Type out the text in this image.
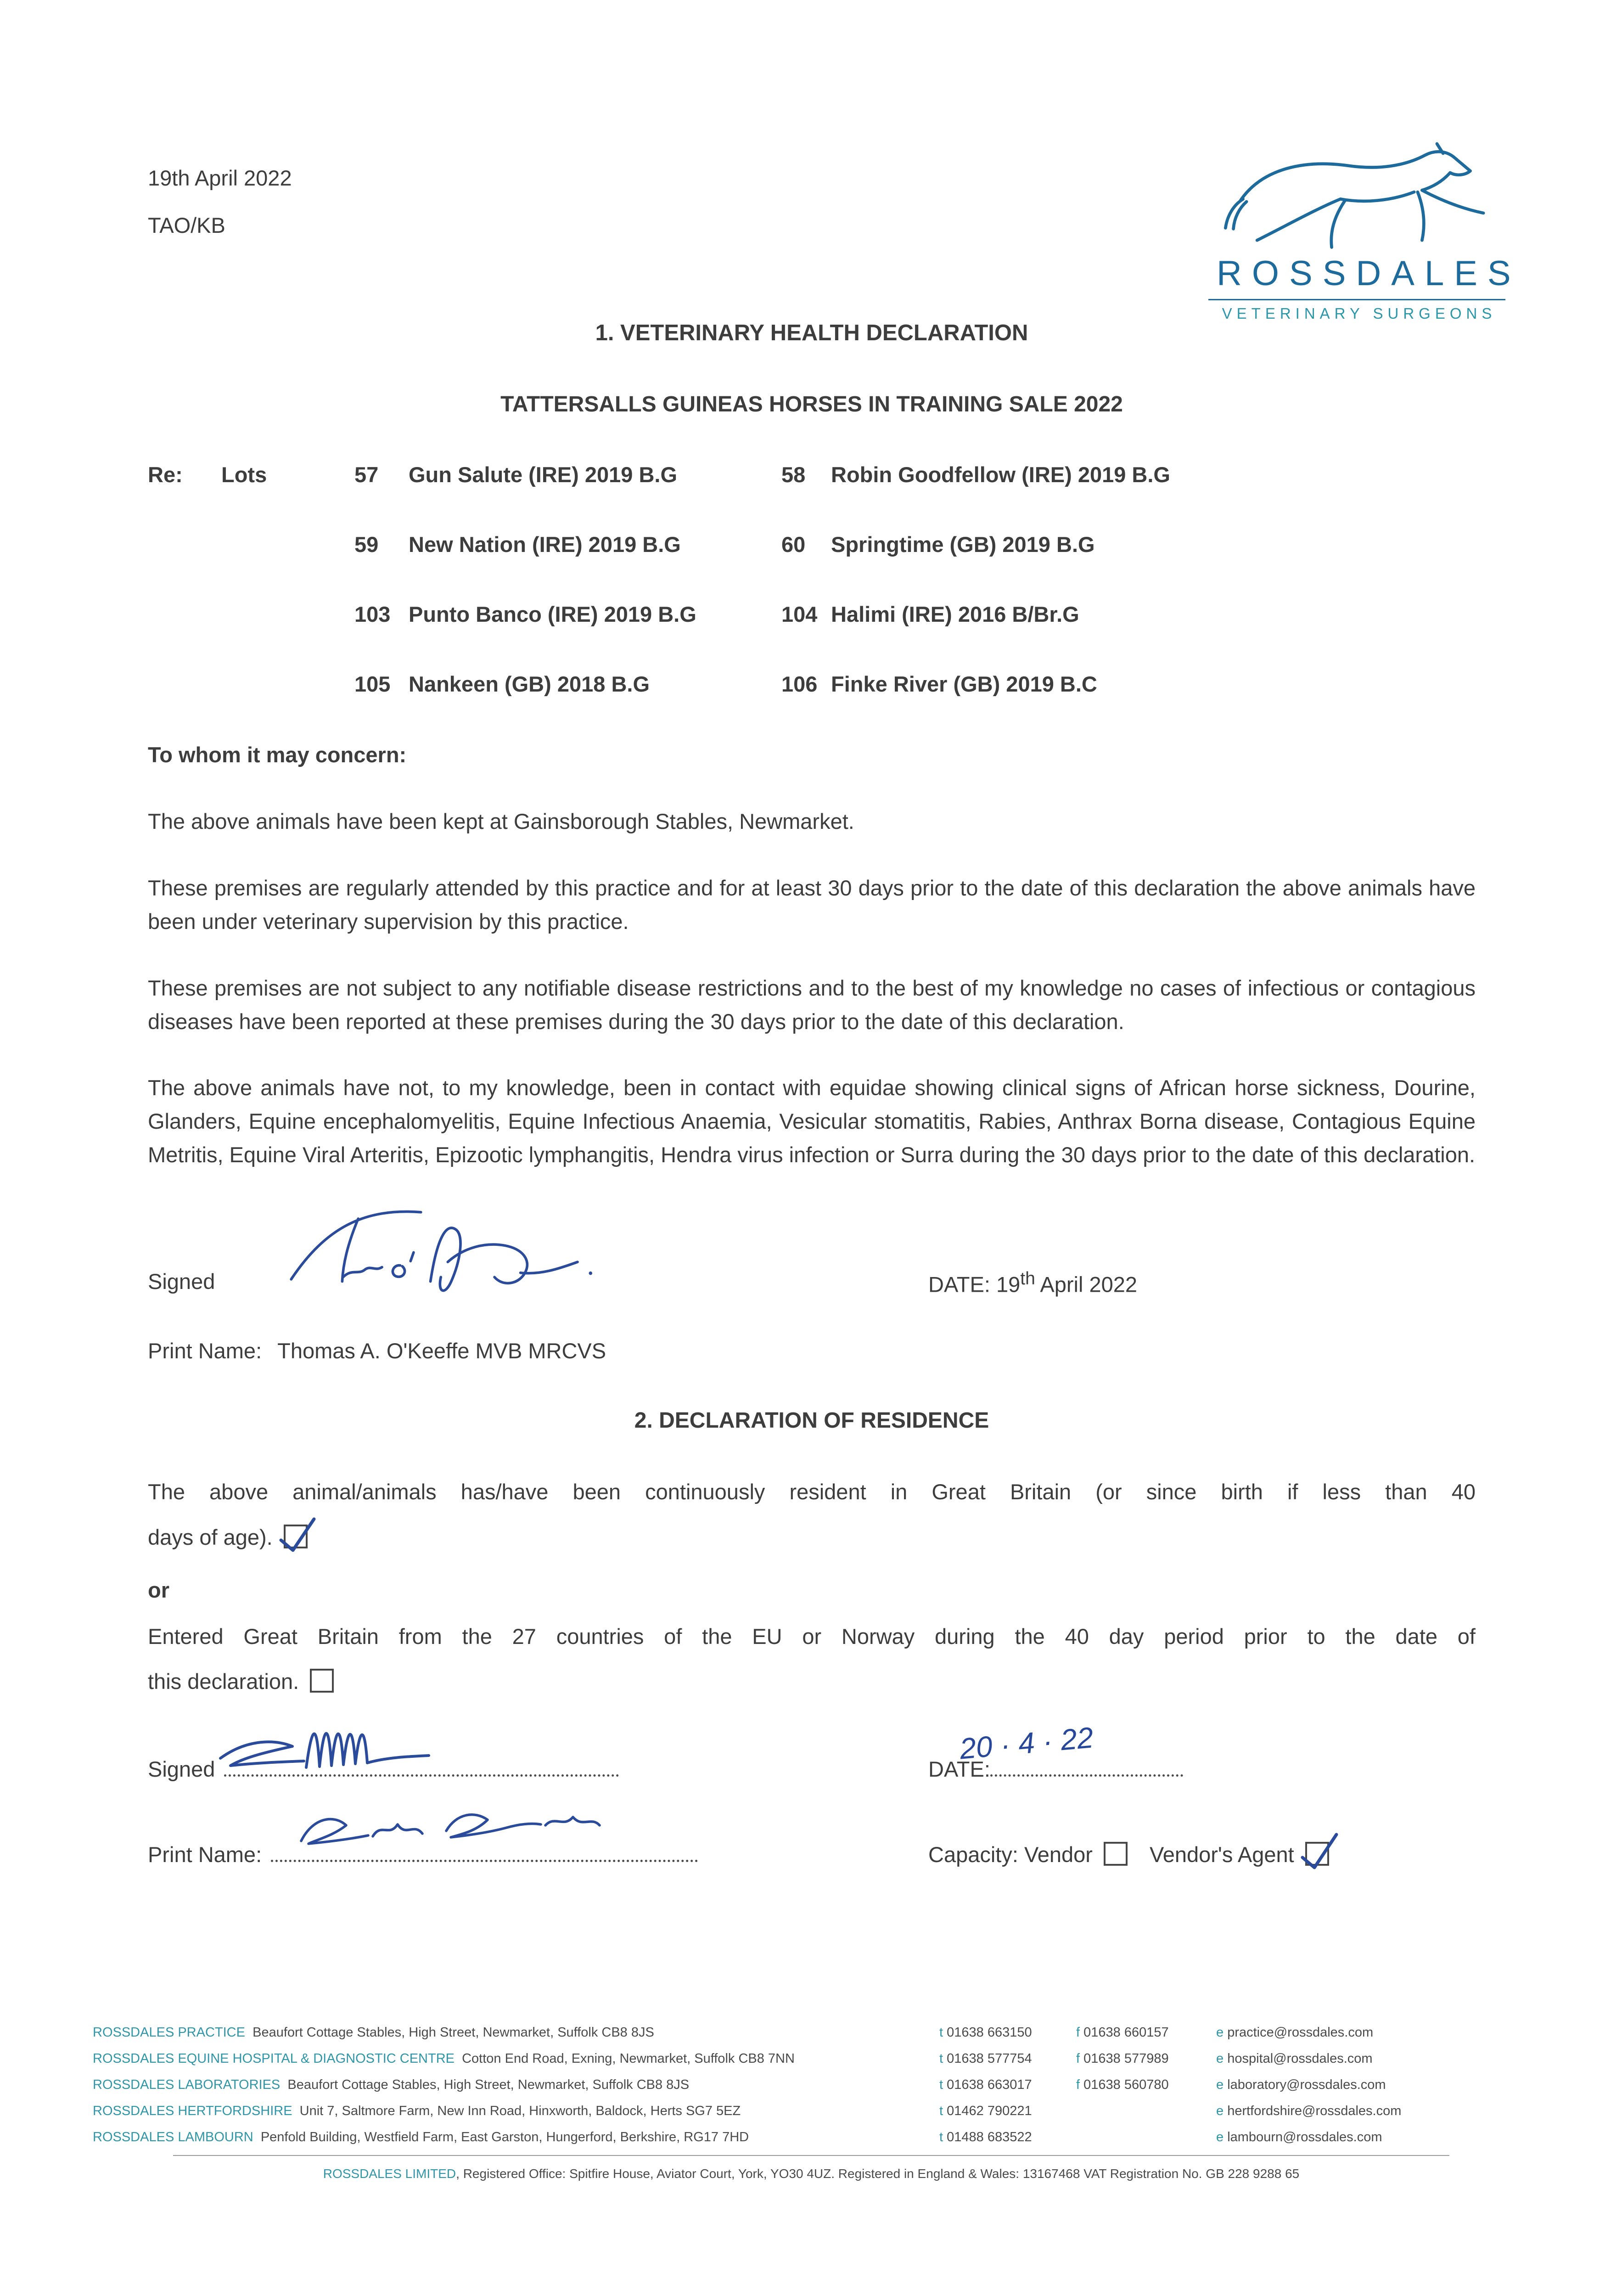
ROSSDALES
VETERINARY SURGEONS
19th April 2022
TAO/KB
1. VETERINARY HEALTH DECLARATION
TATTERSALLS GUINEAS HORSES IN TRAINING SALE 2022
Re:	Lots	57	Gun Salute (IRE) 2019 B.G	58	Robin Goodfellow (IRE) 2019 B.G
59	New Nation (IRE) 2019 B.G	60	Springtime (GB) 2019 B.G
103 Punto Banco (IRE) 2019 B.G	104 Halimi (IRE) 2016 B/Br.G
105 Nankeen (GB) 2018 B.G	106 Finke River (GB) 2019 B.C
To whom it may concern:

The above animals have been kept at Gainsborough Stables, Newmarket.

These premises are regularly attended by this practice and for at least 30 days prior to the date of this declaration the above animals have been under veterinary supervision by this practice.

These premises are not subject to any notifiable disease restrictions and to the best of my knowledge no cases of infectious or contagious diseases have been reported at these premises during the 30 days prior to the date of this declaration.

The above animals have not, to my knowledge, been in contact with equidae showing clinical signs of African horse sickness, Dourine, Glanders, Equine encephalomyelitis, Equine Infectious Anaemia, Vesicular stomatitis, Rabies, Anthrax Borna disease, Contagious Equine Metritis, Equine Viral Arteritis, Epizootic lymphangitis, Hendra virus infection or Surra during the 30 days prior to the date of this declaration.

Signed	DATE: 19th April 2022
Print Name: Thomas A. O'Keeffe MVB MRCVS
2. DECLARATION OF RESIDENCE
The above animal/animals has/have been continuously resident in Great Britain (or since birth if less than 40
days of age).
or
Entered Great Britain from the 27 countries of the EU or Norway during the 40 day period prior to the date of
this declaration.
Signed	DATE:
20 · 4 · 22
Print Name:	Capacity: Vendor	Vendor's Agent
ROSSDALES PRACTICE Beaufort Cottage Stables, High Street, Newmarket, Suffolk CB8 8JS	t 01638 663150	f 01638 660157	e practice@rossdales.com
ROSSDALES EQUINE HOSPITAL & DIAGNOSTIC CENTRE Cotton End Road, Exning, Newmarket, Suffolk CB8 7NN	t 01638 577754	f 01638 577989	e hospital@rossdales.com
ROSSDALES LABORATORIES Beaufort Cottage Stables, High Street, Newmarket, Suffolk CB8 8JS	t 01638 663017	f 01638 560780	e laboratory@rossdales.com
ROSSDALES HERTFORDSHIRE Unit 7, Saltmore Farm, New Inn Road, Hinxworth, Baldock, Herts SG7 5EZ	t 01462 790221	e hertfordshire@rossdales.com
ROSSDALES LAMBOURN Penfold Building, Westfield Farm, East Garston, Hungerford, Berkshire, RG17 7HD	t 01488 683522	e lambourn@rossdales.com
ROSSDALES LIMITED, Registered Office: Spitfire House, Aviator Court, York, YO30 4UZ. Registered in England & Wales: 13167468 VAT Registration No. GB 228 9288 65
